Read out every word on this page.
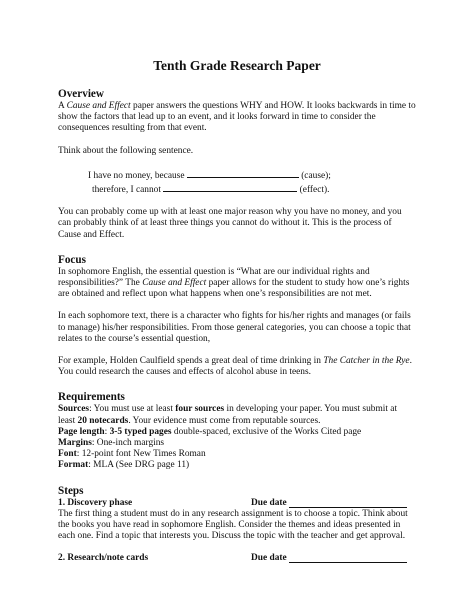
Tenth Grade Research Paper
Overview

A Cause and Effect paper answers the questions WHY and HOW. It looks backwards in time to show the factors that lead up to an event, and it looks forward in time to consider the consequences resulting from that event.

Think about the following sentence.

I have no money, because	(cause);

therefore, I cannot	(effect).

You can probably come up with at least one major reason why you have no money, and you can probably think of at least three things you cannot do without it. This is the process of Cause and Effect.

Focus

In sophomore English, the essential question is “What are our individual rights and responsibilities?” The Cause and Effect paper allows for the student to study how one’s rights are obtained and reflect upon what happens when one’s responsibilities are not met.

In each sophomore text, there is a character who fights for his/her rights and manages (or fails to manage) his/her responsibilities. From those general categories, you can choose a topic that relates to the course’s essential question,

For example, Holden Caulfield spends a great deal of time drinking in The Catcher in the Rye. You could research the causes and effects of alcohol abuse in teens.

Requirements

Sources: You must use at least four sources in developing your paper. You must submit at least 20 notecards. Your evidence must come from reputable sources.

Page length: 3-5 typed pages double-spaced, exclusive of the Works Cited page

Margins: One-inch margins

Font: 12-point font New Times Roman

Format: MLA (See DRG page 11)

Steps
1. Discovery phase	Due date

The first thing a student must do in any research assignment is to choose a topic. Think about the books you have read in sophomore English. Consider the themes and ideas presented in each one. Find a topic that interests you. Discuss the topic with the teacher and get approval.

2. Research/note cards	Due date
